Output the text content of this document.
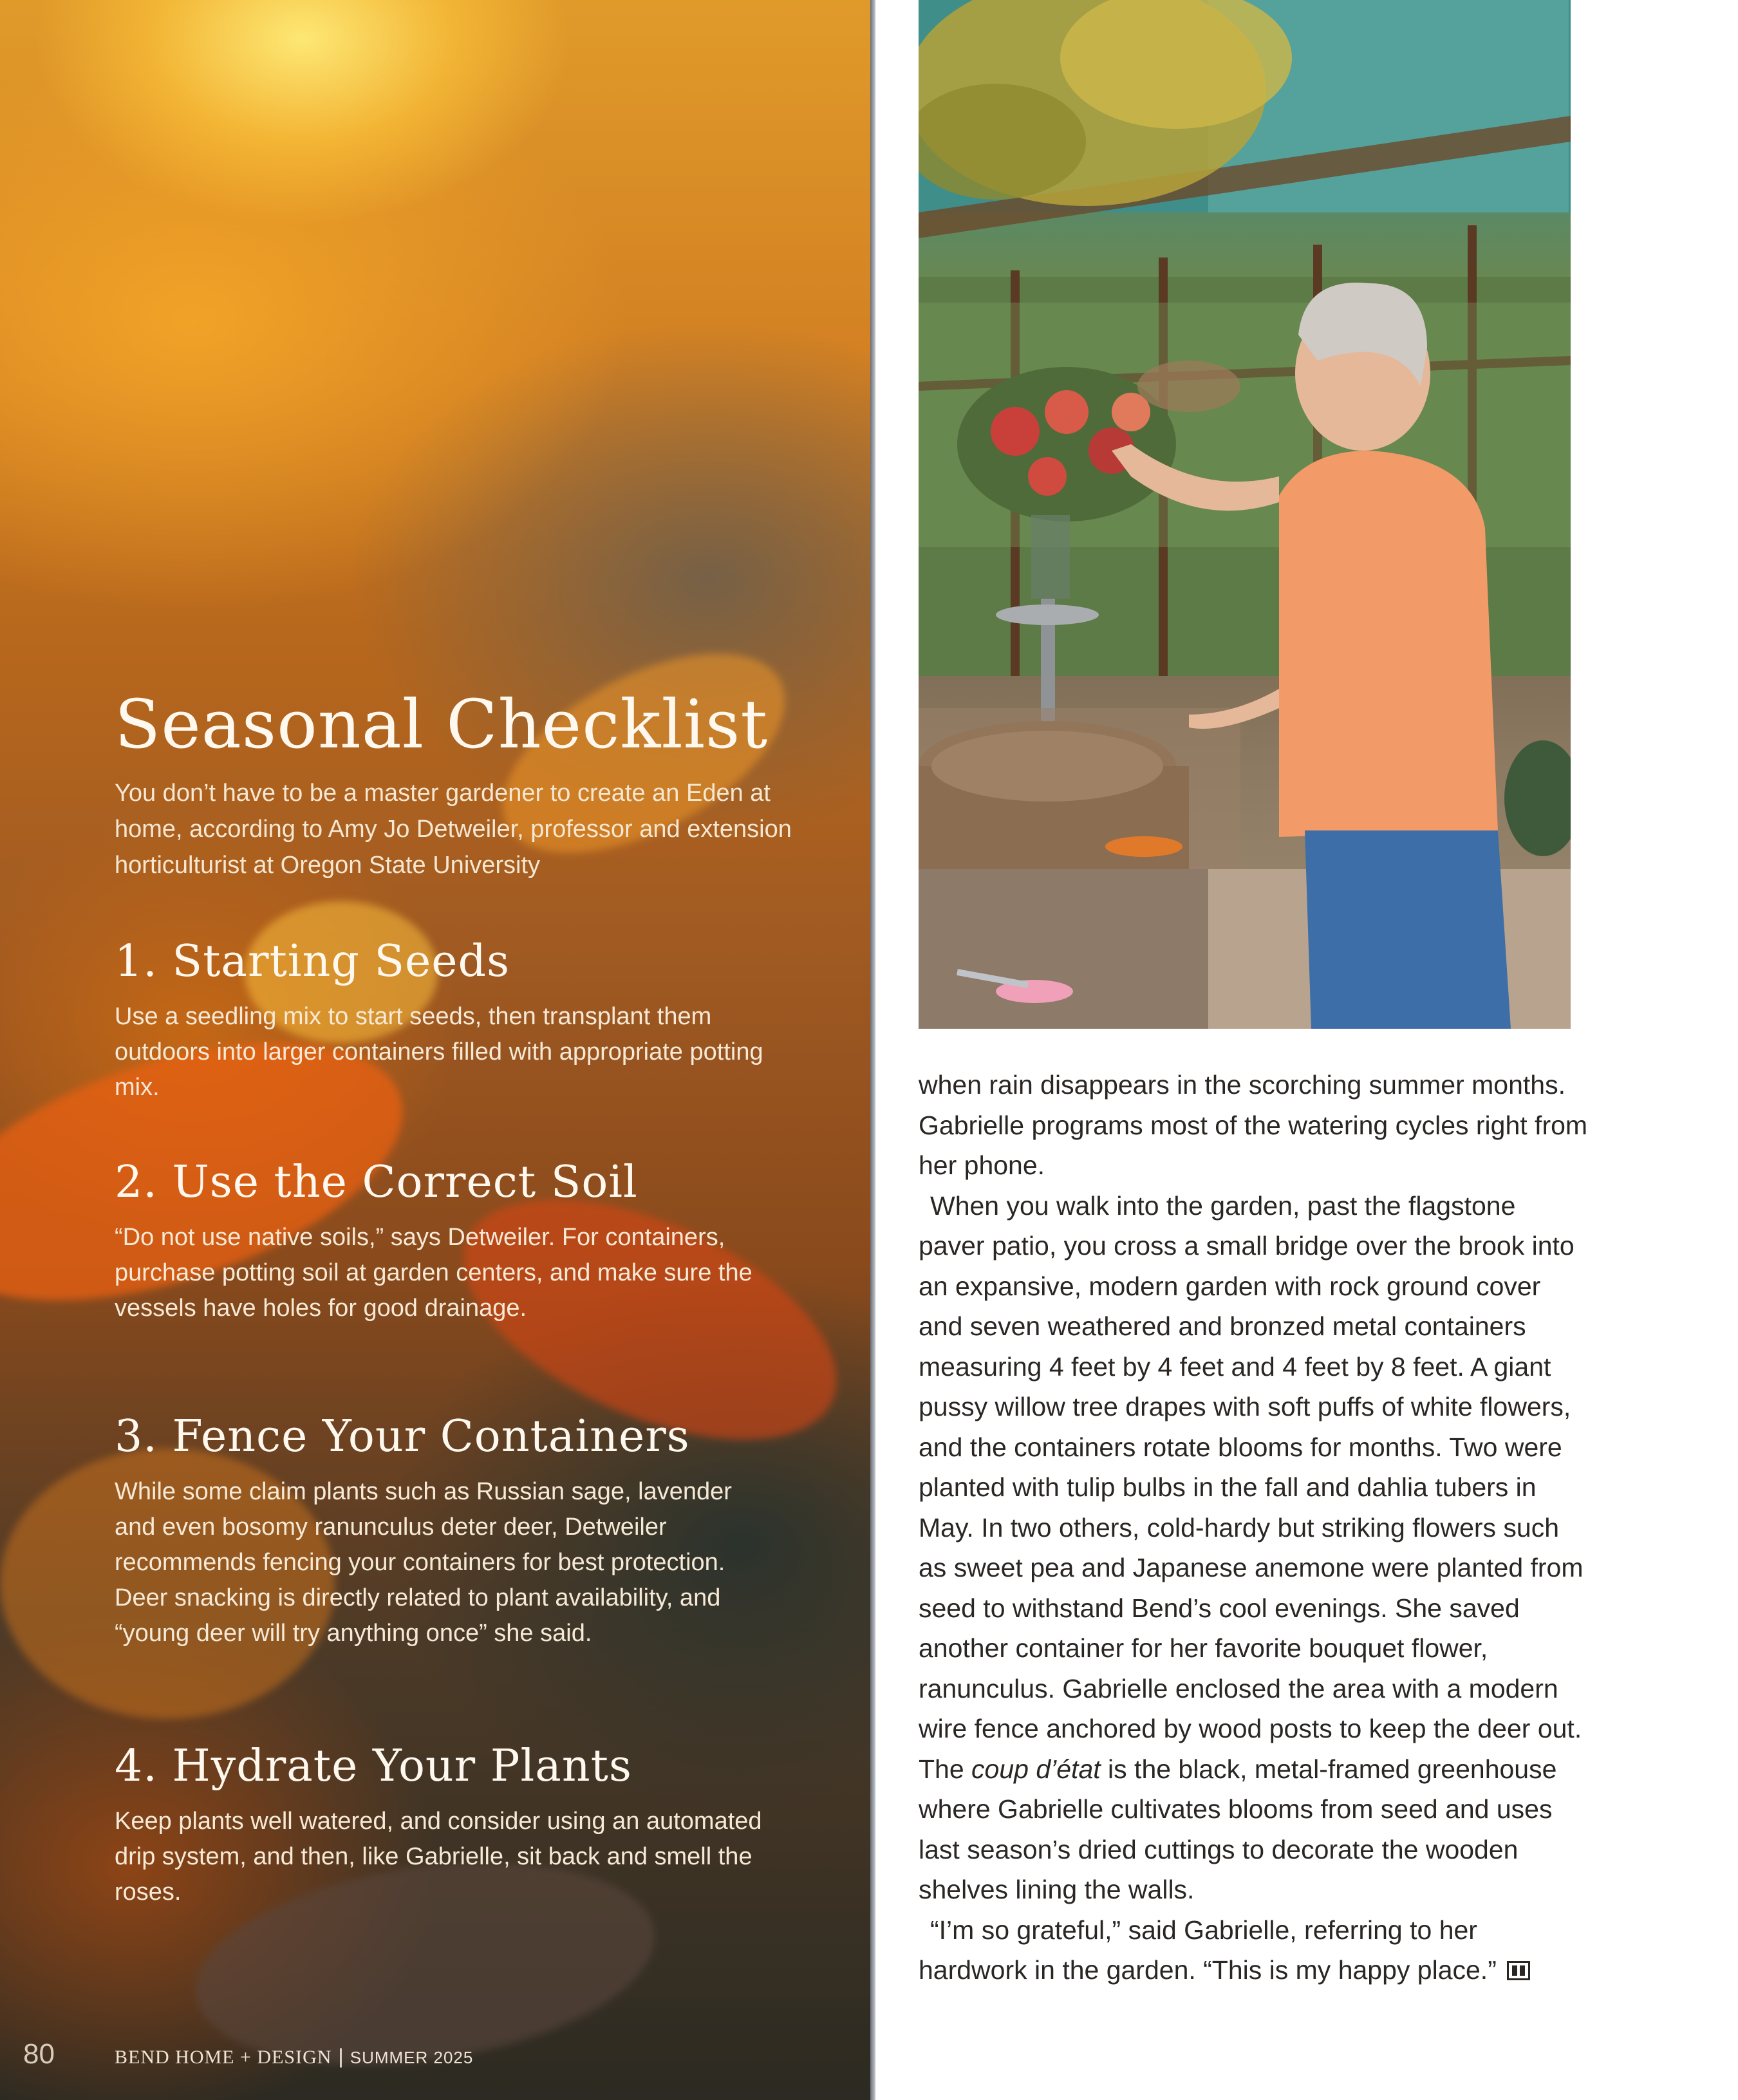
Seasonal Checklist

You don’t have to be a master gardener to create an Eden at home, according to Amy Jo Detweiler, professor and extension horticulturist at Oregon State University

1. Starting Seeds

Use a seedling mix to start seeds, then transplant them outdoors into larger containers filled with appropriate potting mix.

2. Use the Correct Soil

“Do not use native soils,” says Detweiler. For containers, purchase potting soil at garden centers, and make sure the vessels have holes for good drainage.

3. Fence Your Containers

While some claim plants such as Russian sage, lavender and even bosomy ranunculus deter deer, Detweiler recommends fencing your containers for best protection. Deer snacking is directly related to plant availability, and “young deer will try anything once” she said.

4. Hydrate Your Plants

Keep plants well watered, and consider using an automated drip system, and then, like Gabrielle, sit back and smell the roses.

80	BEND HOME + DESIGN | SUMMER 2025

when rain disappears in the scorching summer months. Gabrielle programs most of the watering cycles right from her phone.

When you walk into the garden, past the flagstone paver patio, you cross a small bridge over the brook into an expansive, modern garden with rock ground cover and seven weathered and bronzed metal containers measuring 4 feet by 4 feet and 4 feet by 8 feet. A giant pussy willow tree drapes with soft puffs of white flowers, and the containers rotate blooms for months. Two were planted with tulip bulbs in the fall and dahlia tubers in May. In two others, cold-hardy but striking flowers such as sweet pea and Japanese anemone were planted from seed to withstand Bend’s cool evenings. She saved another container for her favorite bouquet flower, ranunculus. Gabrielle enclosed the area with a modern wire fence anchored by wood posts to keep the deer out. The coup d’état is the black, metal-framed greenhouse where Gabrielle cultivates blooms from seed and uses last season’s dried cuttings to decorate the wooden shelves lining the walls.

“I’m so grateful,” said Gabrielle, referring to her hardwork in the garden. “This is my happy place.”
